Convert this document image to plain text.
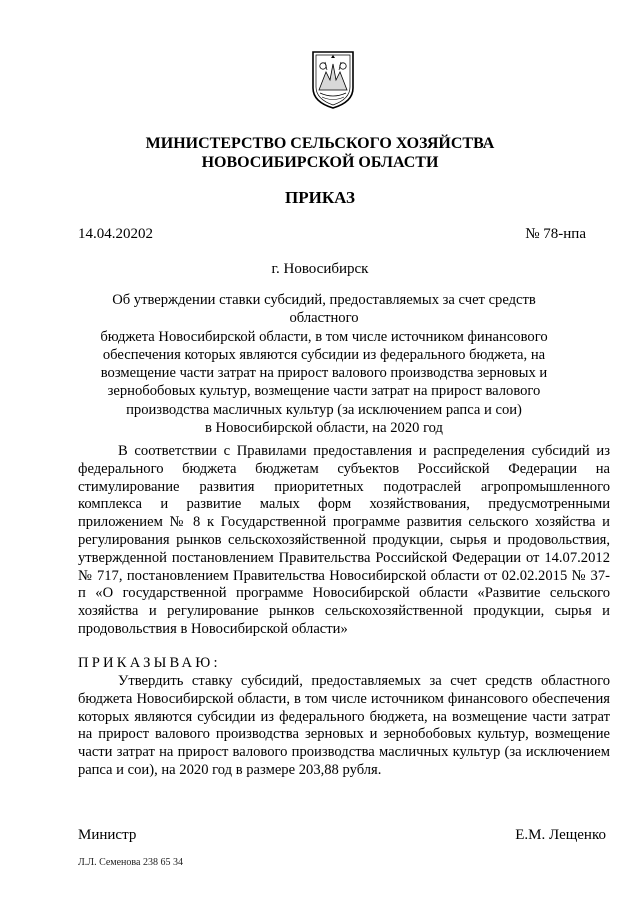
МИНИСТЕРСТВО СЕЛЬСКОГО ХОЗЯЙСТВА
НОВОСИБИРСКОЙ ОБЛАСТИ
ПРИКАЗ
14.04.20202	№ 78-нпа
г. Новосибирск
Об утверждении ставки субсидий, предоставляемых за счет средств областного
бюджета Новосибирской области, в том числе источником финансового
обеспечения которых являются субсидии из федерального бюджета, на
возмещение части затрат на прирост валового производства зерновых и
зернобобовых культур, возмещение части затрат на прирост валового
производства масличных культур (за исключением рапса и сои)
в Новосибирской области, на 2020 год

В соответствии с Правилами предоставления и распределения субсидий из федерального бюджета бюджетам субъектов Российской Федерации на стимулирование развития приоритетных подотраслей агропромышленного комплекса и развитие малых форм хозяйствования, предусмотренными приложением № 8 к Государственной программе развития сельского хозяйства и регулирования рынков сельскохозяйственной продукции, сырья и продовольствия, утвержденной постановлением Правительства Российской Федерации от 14.07.2012 № 717, постановлением Правительства Новосибирской области от 02.02.2015 № 37-п «О государственной программе Новосибирской области «Развитие сельского хозяйства и регулирование рынков сельскохозяйственной продукции, сырья и продовольствия в Новосибирской области»

ПРИКАЗЫВАЮ:

Утвердить ставку субсидий, предоставляемых за счет средств областного бюджета Новосибирской области, в том числе источником финансового обеспечения которых являются субсидии из федерального бюджета, на возмещение части затрат на прирост валового производства зерновых и зернобобовых культур, возмещение части затрат на прирост валового производства масличных культур (за исключением рапса и сои), на 2020 год в размере 203,88 рубля.

Министр	Е.М. Лещенко
Л.Л. Семенова 238 65 34
